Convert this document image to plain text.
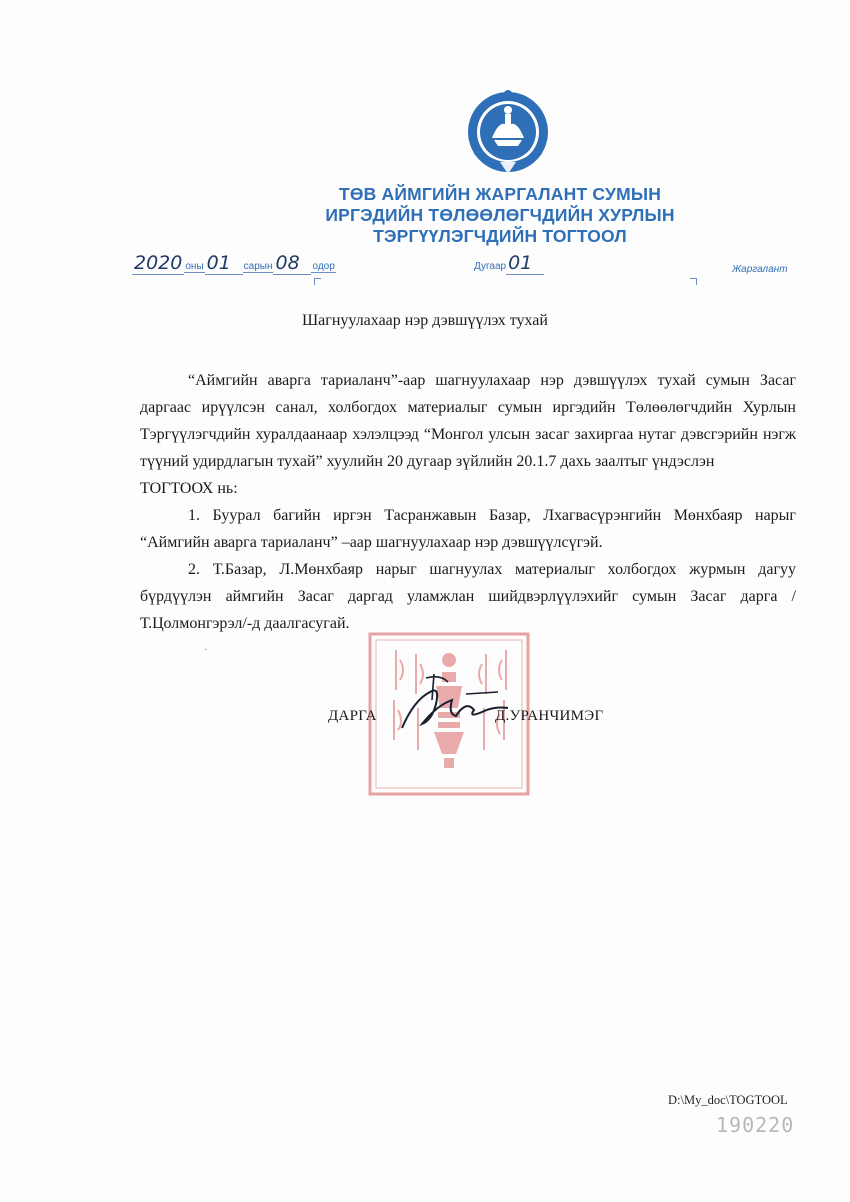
ТӨВ АЙМГИЙН ЖАРГАЛАНТ СУМЫН
ИРГЭДИЙН ТӨЛӨӨЛӨГЧДИЙН ХУРЛЫН
ТЭРГҮҮЛЭГЧДИЙН ТОГТООЛ
2020 оны 01 сарын 08 одор	Дугаар 01	Жаргалант
Шагнуулахаар нэр дэвшүүлэх тухай

“Аймгийн аварга тариаланч”-аар шагнуулахаар нэр дэвшүүлэх тухай сумын Засаг даргаас ирүүлсэн санал, холбогдох материалыг сумын иргэдийн Төлөөлөгчдийн Хурлын Тэргүүлэгчдийн хуралдаанаар хэлэлцээд “Монгол улсын засаг захиргаа нутаг дэвсгэрийн нэгж түүний удирдлагын тухай” хуулийн 20 дугаар зүйлийн 20.1.7 дахь заалтыг үндэслэн

ТОГТООХ нь:

1. Буурал багийн иргэн Тасранжавын Базар, Лхагвасүрэнгийн Мөнхбаяр нарыг “Аймгийн аварга тариаланч” –аар шагнуулахаар нэр дэвшүүлсүгэй.

2. Т.Базар, Л.Мөнхбаяр нарыг шагнуулах материалыг холбогдох журмын дагуу бүрдүүлэн аймгийн Засаг даргад уламжлан шийдвэрлүүлэхийг сумын Засаг дарга /Т.Цолмонгэрэл/-д даалгасугай.

·
ДАРГА	Д.УРАНЧИМЭГ
D:\My_doc\TOGTOOL
190220
